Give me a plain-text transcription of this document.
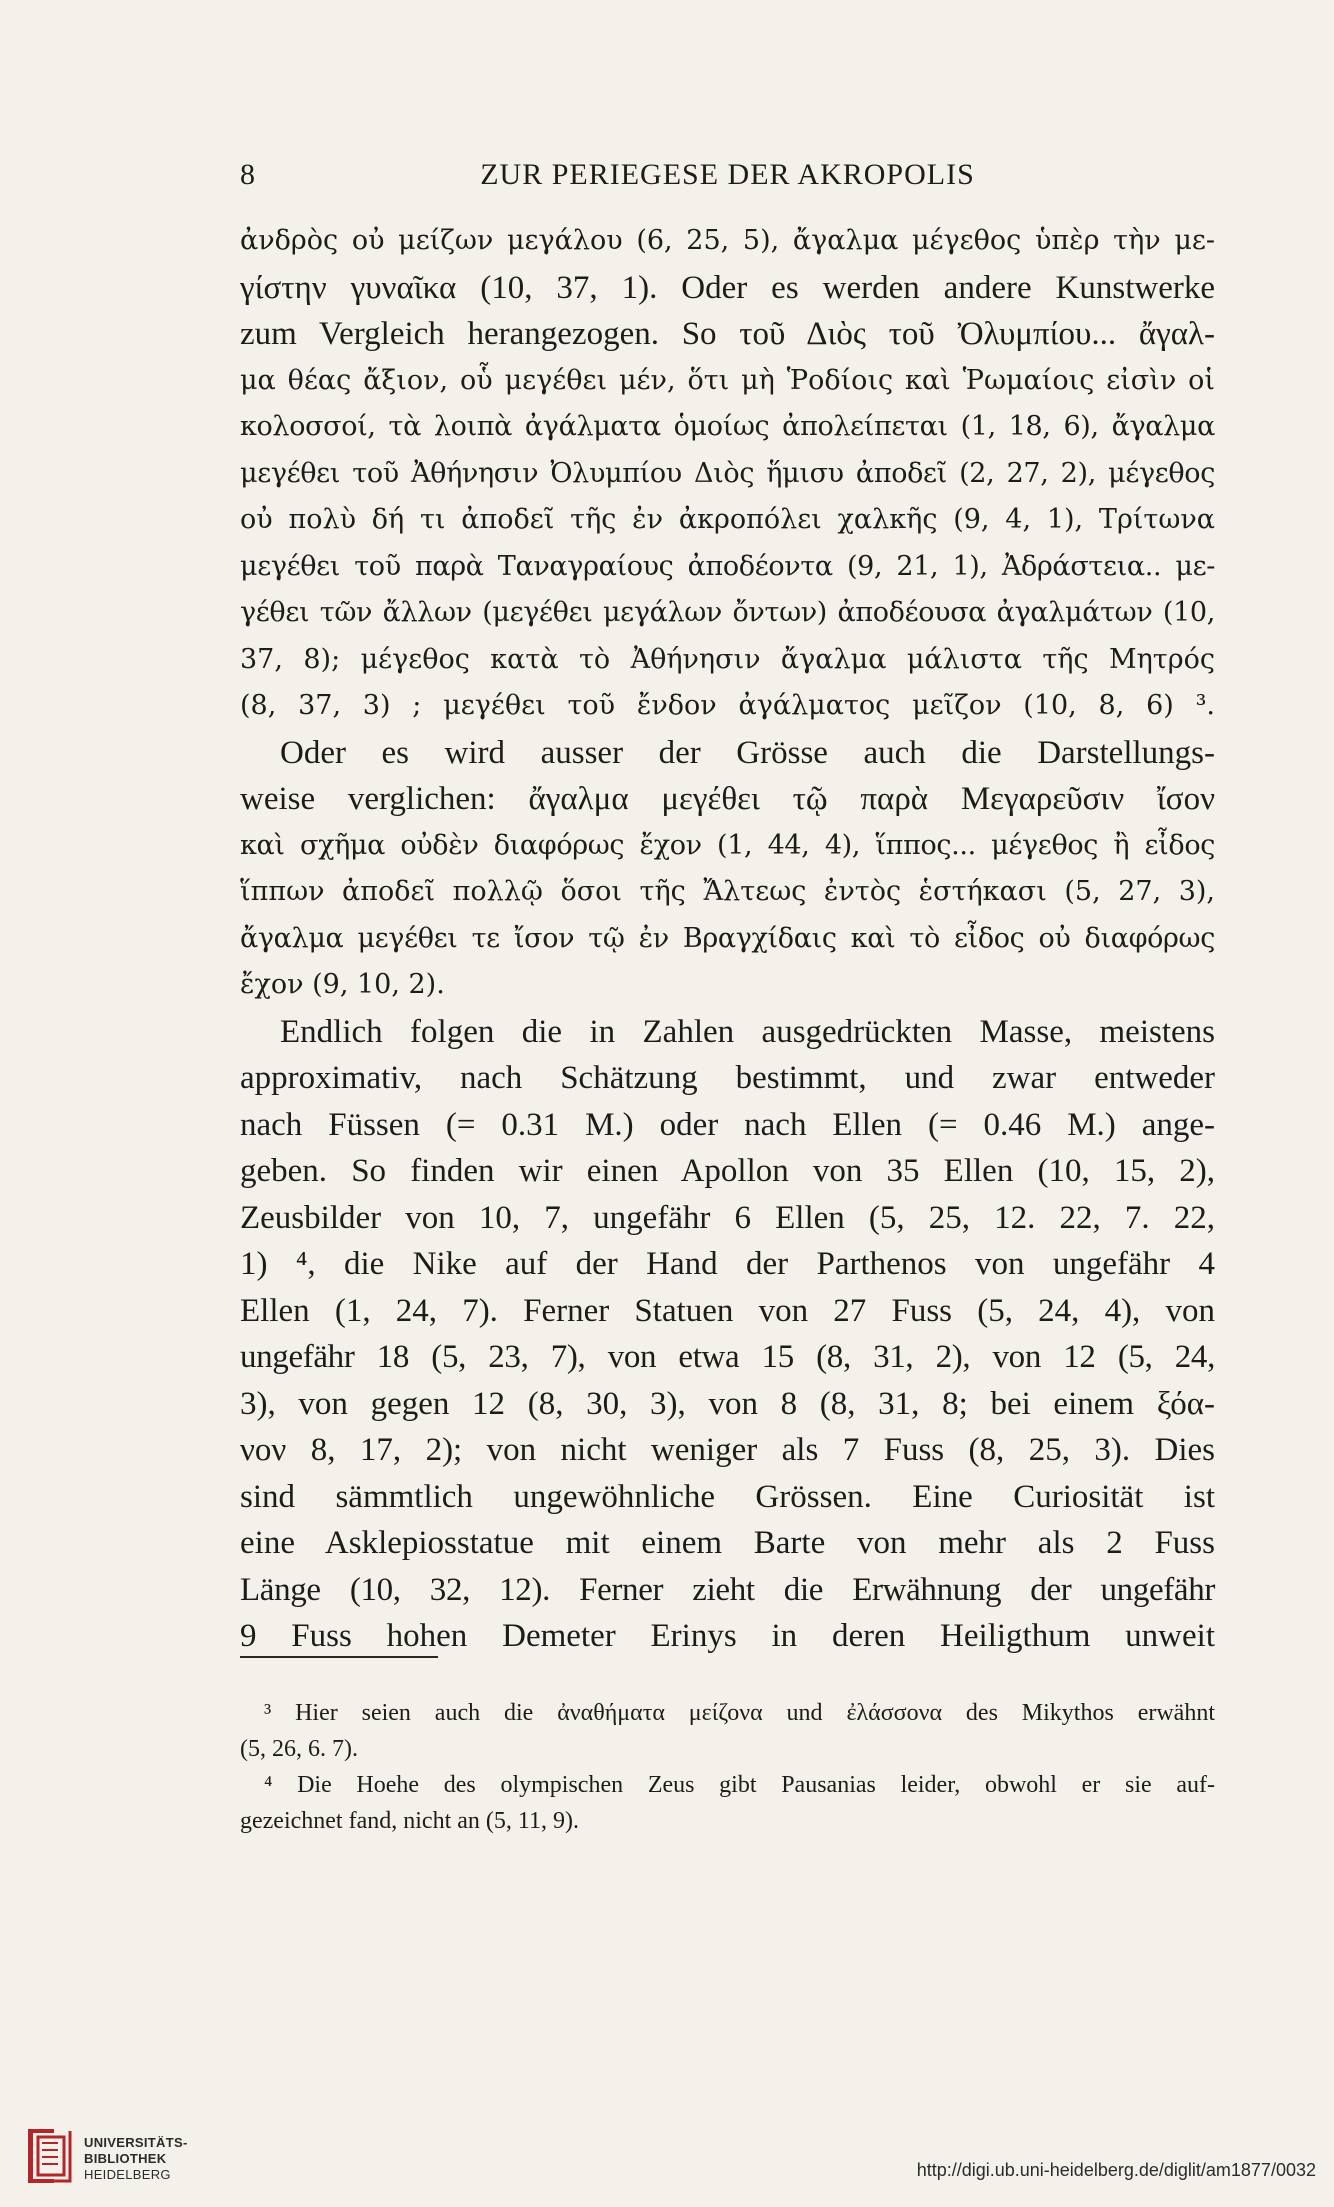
8	ZUR PERIEGESE DER AKROPOLIS
ἀνδρὸς οὐ μείζων μεγάλου (6, 25, 5), ἄγαλμα μέγεθος ὑπὲρ τὴν με-
γίστην γυναῖκα (10, 37, 1). Oder es werden andere Kunstwerke
zum Vergleich herangezogen. So τοῦ Διὸς τοῦ Ὀλυμπίου... ἄγαλ-
μα θέας ἄξιον, οὗ μεγέθει μέν, ὅτι μὴ Ῥοδίοις καὶ Ῥωμαίοις εἰσὶν οἱ
κολοσσοί, τὰ λοιπὰ ἀγάλματα ὁμοίως ἀπολείπεται (1, 18, 6), ἄγαλμα
μεγέθει τοῦ Ἀθήνησιν Ὀλυμπίου Διὸς ἥμισυ ἀποδεῖ (2, 27, 2), μέγεθος
οὐ πολὺ δή τι ἀποδεῖ τῆς ἐν ἀκροπόλει χαλκῆς (9, 4, 1), Τρίτωνα
μεγέθει τοῦ παρὰ Ταναγραίους ἀποδέοντα (9, 21, 1), Ἀδράστεια.. με-
γέθει τῶν ἄλλων (μεγέθει μεγάλων ὄντων) ἀποδέουσα ἀγαλμάτων (10,
37, 8); μέγεθος κατὰ τὸ Ἀθήνησιν ἄγαλμα μάλιστα τῆς Μητρός
(8, 37, 3) ; μεγέθει τοῦ ἔνδον ἀγάλματος μεῖζον (10, 8, 6) ³.
Oder es wird ausser der Grösse auch die Darstellungs-
weise verglichen: ἄγαλμα μεγέθει τῷ παρὰ Μεγαρεῦσιν ἴσον
καὶ σχῆμα οὐδὲν διαφόρως ἔχον (1, 44, 4), ἵππος... μέγεθος ἢ εἶδος
ἵππων ἀποδεῖ πολλῷ ὅσοι τῆς Ἄλτεως ἐντὸς ἑστήκασι (5, 27, 3),
ἄγαλμα μεγέθει τε ἴσον τῷ ἐν Βραγχίδαις καὶ τὸ εἶδος οὐ διαφόρως
ἔχον (9, 10, 2).
Endlich folgen die in Zahlen ausgedrückten Masse, meistens
approximativ, nach Schätzung bestimmt, und zwar entweder
nach Füssen (= 0.31 M.) oder nach Ellen (= 0.46 M.) ange-
geben. So finden wir einen Apollon von 35 Ellen (10, 15, 2),
Zeusbilder von 10, 7, ungefähr 6 Ellen (5, 25, 12. 22, 7. 22,
1) ⁴, die Nike auf der Hand der Parthenos von ungefähr 4
Ellen (1, 24, 7). Ferner Statuen von 27 Fuss (5, 24, 4), von
ungefähr 18 (5, 23, 7), von etwa 15 (8, 31, 2), von 12 (5, 24,
3), von gegen 12 (8, 30, 3), von 8 (8, 31, 8; bei einem ξόα-
νον 8, 17, 2); von nicht weniger als 7 Fuss (8, 25, 3). Dies
sind sämmtlich ungewöhnliche Grössen. Eine Curiosität ist
eine Asklepiosstatue mit einem Barte von mehr als 2 Fuss
Länge (10, 32, 12). Ferner zieht die Erwähnung der ungefähr
9 Fuss hohen Demeter Erinys in deren Heiligthum unweit
³ Hier seien auch die ἀναθήματα μείζονα und ἐλάσσονα des Mikythos erwähnt
(5, 26, 6. 7).
⁴ Die Hoehe des olympischen Zeus gibt Pausanias leider, obwohl er sie auf-
gezeichnet fand, nicht an (5, 11, 9).
UNIVERSITÄTS-
BIBLIOTHEK
HEIDELBERG	http://digi.ub.uni-heidelberg.de/diglit/am1877/0032
